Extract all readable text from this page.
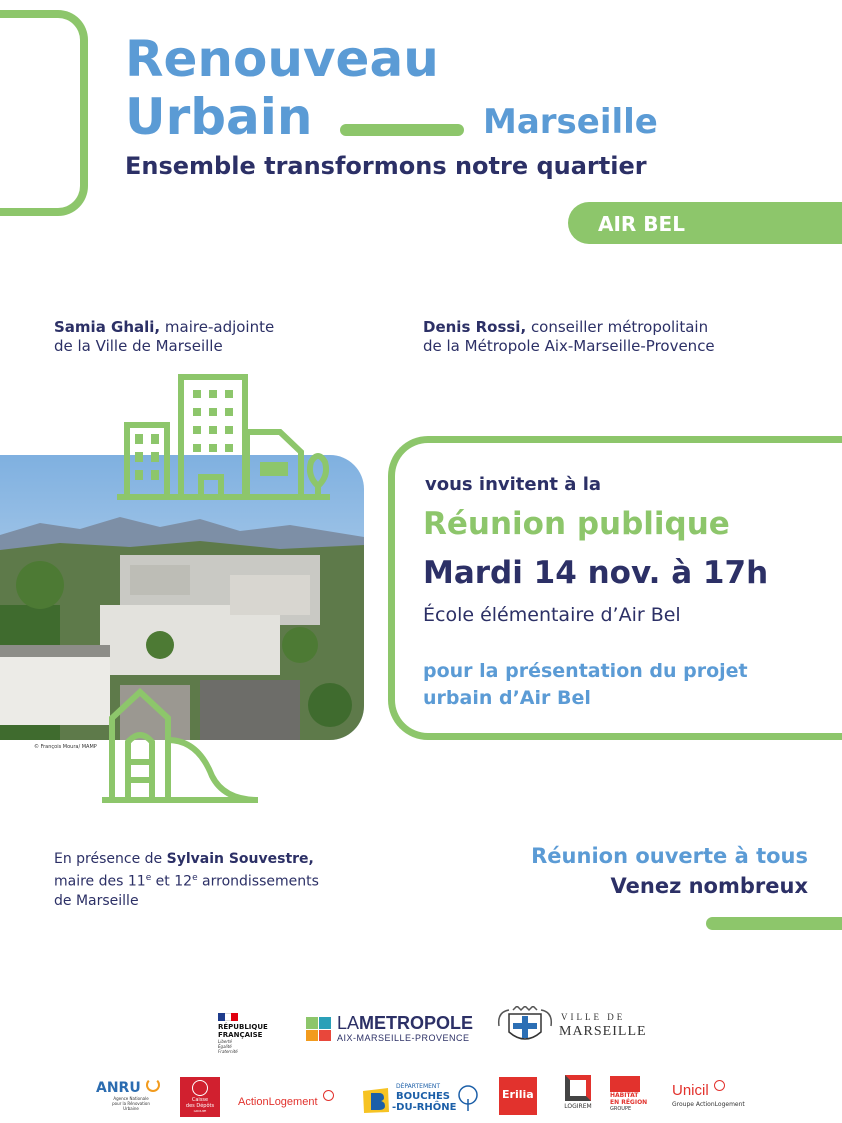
Renouveau
Urbain	Marseille
Ensemble transformons notre quartier
AIR BEL
Samia Ghali, maire-adjointe
de la Ville de Marseille
Denis Rossi, conseiller métropolitain
de la Métropole Aix-Marseille-Provence
© François Moura/ MAMP
vous invitent à la
Réunion publique
Mardi 14 nov. à 17h
École élémentaire d’Air Bel
pour la présentation du projet
urbain d’Air Bel
En présence de Sylvain Souvestre,
maire des 11e et 12e arrondissements
de Marseille
Réunion ouverte à tous
Venez nombreux
RÉPUBLIQUE
FRANÇAISE
Liberté
Égalité
Fraternité
LAMETROPOLE
AIX-MARSEILLE-PROVENCE
VILLE DE
MARSEILLE
ANRU
Agence Nationale
pour la Rénovation
Urbaine
Caisse
des Dépôts
GROUPE
ActionLogement
DÉPARTEMENT
BOUCHES
-DU-RHÔNE
Erilia
LOGIREM
HABITAT
EN RÉGION
GROUPE
Unicil
Groupe ActionLogement
